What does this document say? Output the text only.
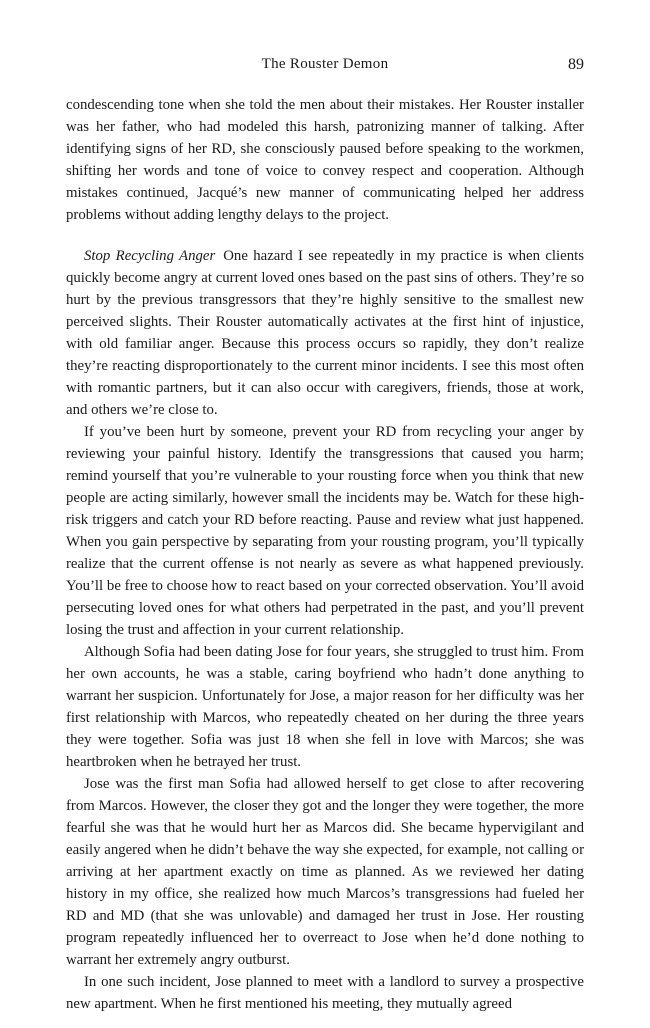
The Rouster Demon	89

condescending tone when she told the men about their mistakes. Her Rouster installer was her father, who had modeled this harsh, patronizing manner of talking. After identifying signs of her RD, she consciously paused before speaking to the workmen, shifting her words and tone of voice to convey respect and cooperation. Although mistakes continued, Jacqué’s new manner of communicating helped her address problems without adding lengthy delays to the project.

Stop Recycling Anger One hazard I see repeatedly in my practice is when clients quickly become angry at current loved ones based on the past sins of others. They’re so hurt by the previous transgressors that they’re highly sensitive to the smallest new perceived slights. Their Rouster automatically activates at the first hint of injustice, with old familiar anger. Because this process occurs so rapidly, they don’t realize they’re reacting disproportionately to the current minor incidents. I see this most often with romantic partners, but it can also occur with caregivers, friends, those at work, and others we’re close to.

If you’ve been hurt by someone, prevent your RD from recycling your anger by reviewing your painful history. Identify the transgressions that caused you harm; remind yourself that you’re vulnerable to your rousting force when you think that new people are acting similarly, however small the incidents may be. Watch for these high-risk triggers and catch your RD before reacting. Pause and review what just happened. When you gain perspective by separating from your rousting program, you’ll typically realize that the current offense is not nearly as severe as what happened previously. You’ll be free to choose how to react based on your corrected observation. You’ll avoid persecuting loved ones for what others had perpetrated in the past, and you’ll prevent losing the trust and affection in your current relationship.

Although Sofia had been dating Jose for four years, she struggled to trust him. From her own accounts, he was a stable, caring boyfriend who hadn’t done anything to warrant her suspicion. Unfortunately for Jose, a major reason for her difficulty was her first relationship with Marcos, who repeatedly cheated on her during the three years they were together. Sofia was just 18 when she fell in love with Marcos; she was heartbroken when he betrayed her trust.

Jose was the first man Sofia had allowed herself to get close to after recovering from Marcos. However, the closer they got and the longer they were together, the more fearful she was that he would hurt her as Marcos did. She became hypervigilant and easily angered when he didn’t behave the way she expected, for example, not calling or arriving at her apartment exactly on time as planned. As we reviewed her dating history in my office, she realized how much Marcos’s transgressions had fueled her RD and MD (that she was unlovable) and damaged her trust in Jose. Her rousting program repeatedly influenced her to overreact to Jose when he’d done nothing to warrant her extremely angry outburst.

In one such incident, Jose planned to meet with a landlord to survey a prospective new apartment. When he first mentioned his meeting, they mutually agreed
